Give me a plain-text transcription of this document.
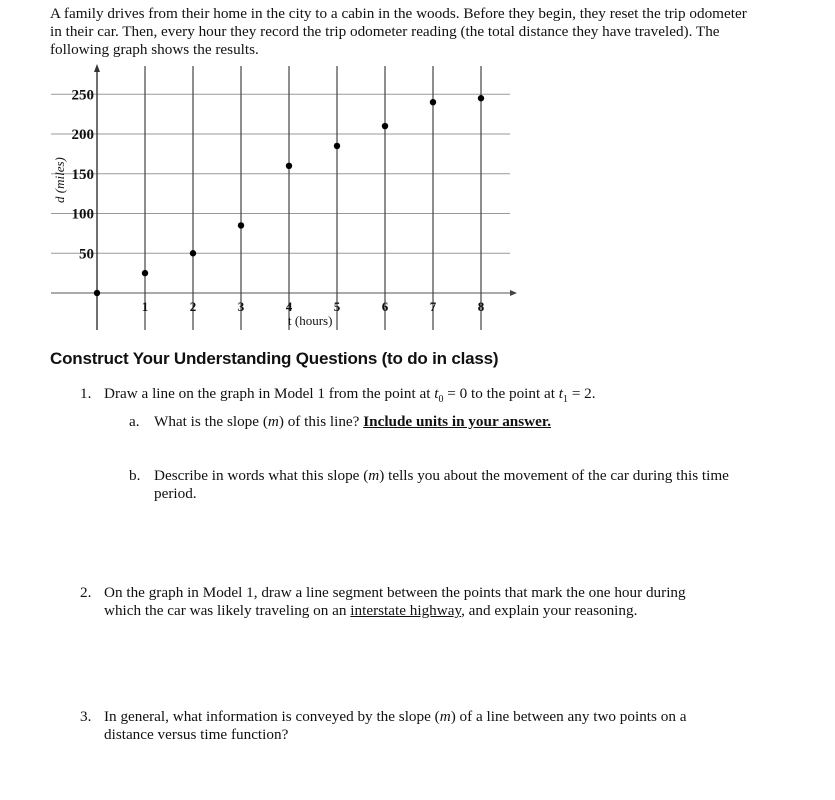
A family drives from their home in the city to a cabin in the woods. Before they begin, they reset the trip odometer in their car. Then, every hour they record the trip odometer reading (the total distance they have traveled). The following graph shows the results.
50
100
150
200
250
1	2	3	4	5	6	7	8
t (hours)
d (miles)
Construct Your Understanding Questions (to do in class)
1. Draw a line on the graph in Model 1 from the point at $t_0 = 0$ to the point at $t_1 = 2$.
a. What is the slope (m) of this line? Include units in your answer.
b. Describe in words what this slope (m) tells you about the movement of the car during this time period.
2. On the graph in Model 1, draw a line segment between the points that mark the one hour during which the car was likely traveling on an interstate highway, and explain your reasoning.
3. In general, what information is conveyed by the slope (m) of a line between any two points on a distance versus time function?
